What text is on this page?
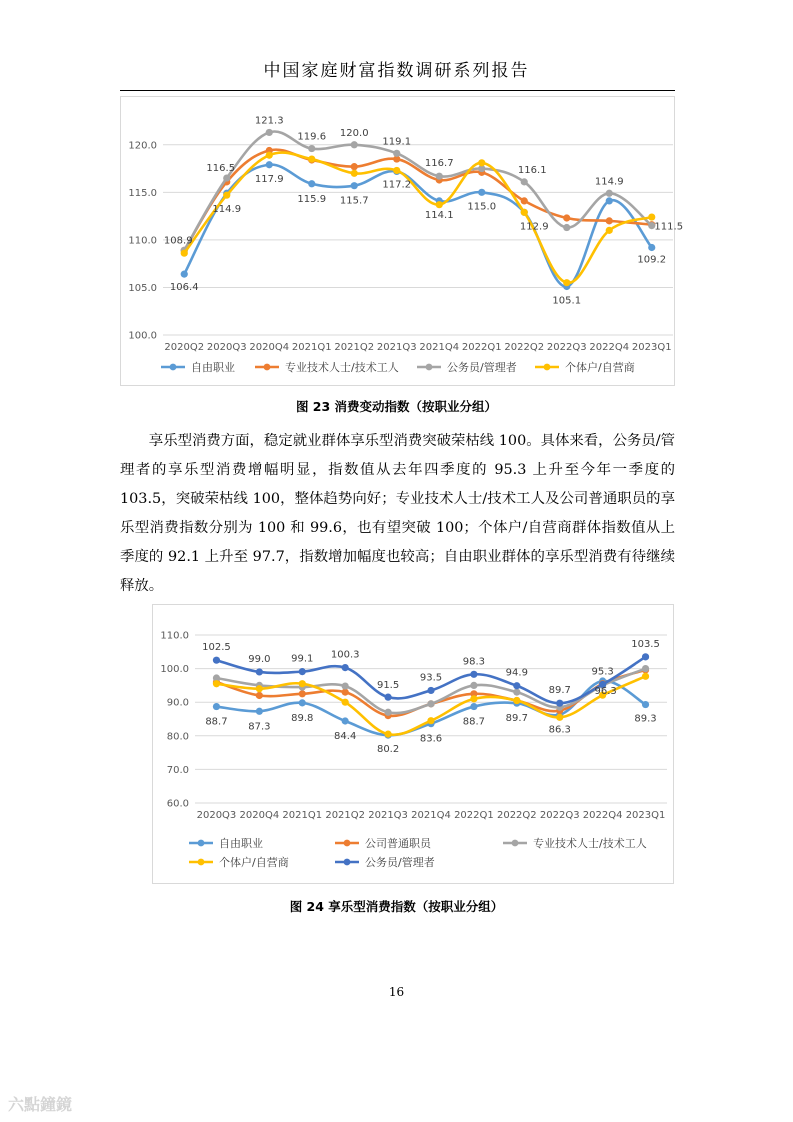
中国家庭财富指数调研系列报告
100.0
105.0
110.0
115.0
120.0
2020Q2 2020Q3 2020Q4 2021Q1 2021Q2 2021Q3 2021Q4 2022Q1 2022Q2 2022Q3 2022Q4 2023Q1
106.4
117.9
115.9 115.7
117.2
114.1
115.0
105.1
109.2
108.9
116.5
121.3
119.6 120.0
119.1
116.7
116.1
114.9
111.5
114.9
112.9
自由职业	专业技术人士/技术工人	公务员/管理者	个体户/自营商
图 23 消费变动指数（按职业分组）
享乐型消费方面，稳定就业群体享乐型消费突破荣枯线 100。具体来看，公务员/管理者的享乐型消费增幅明显，指数值从去年四季度的 95.3 上升至今年一季度的 103.5，突破荣枯线 100，整体趋势向好；专业技术人士/技术工人及公司普通职员的享乐型消费指数分别为 100 和 99.6，也有望突破 100；个体户/自营商群体指数值从上季度的 92.1 上升至 97.7，指数增加幅度也较高；自由职业群体的享乐型消费有待继续释放。
60.0
70.0
80.0
90.0
100.0
110.0
2020Q3 2020Q4 2021Q1 2021Q2 2021Q3 2021Q4 2022Q1 2022Q2 2022Q3 2022Q4 2023Q1
88.7 87.3
89.8
84.4
80.2
83.6
88.7 89.7
86.3
96.3
89.3
102.5
99.0 99.1 100.3
91.5
93.5
98.3
94.9
89.7
95.3
103.5
自由职业	公司普通职员	专业技术人士/技术工人
个体户/自营商	公务员/管理者
图 24 享乐型消费指数（按职业分组）
16
六點鐘鏡
